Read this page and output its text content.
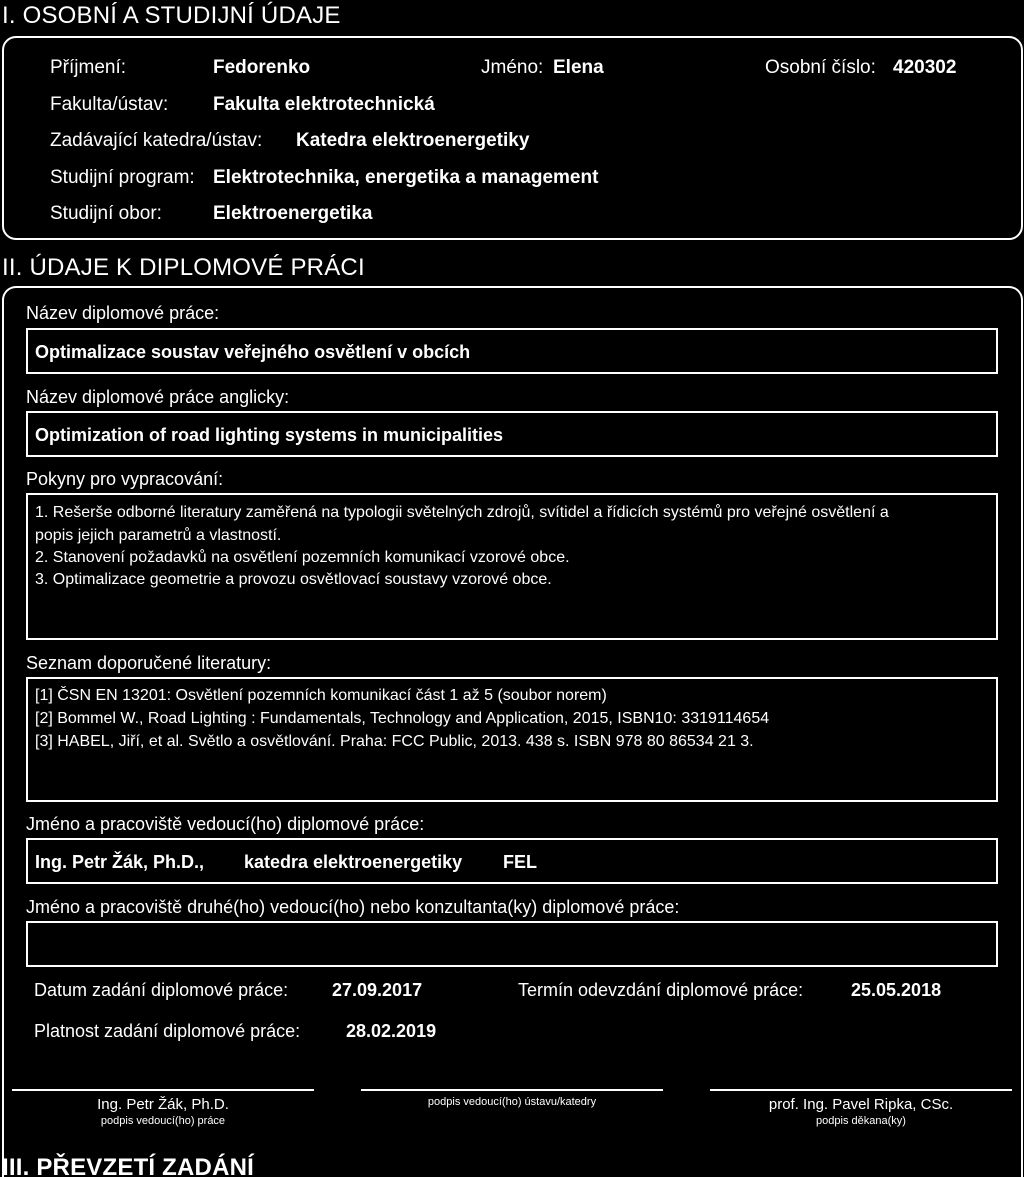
I. OSOBNÍ A STUDIJNÍ ÚDAJE
Příjmení:	Fedorenko	Jméno: Elena	Osobní číslo: 420302
Fakulta/ústav: Fakulta elektrotechnická
Zadávající katedra/ústav: Katedra elektroenergetiky
Studijní program: Elektrotechnika, energetika a management
Studijní obor:	Elektroenergetika
II. ÚDAJE K DIPLOMOVÉ PRÁCI
Název diplomové práce:
Optimalizace soustav veřejného osvětlení v obcích
Název diplomové práce anglicky:
Optimization of road lighting systems in municipalities
Pokyny pro vypracování:
1. Rešerše odborné literatury zaměřená na typologii světelných zdrojů, svítidel a řídicích systémů pro veřejné osvětlení a
popis jejich parametrů a vlastností.
2. Stanovení požadavků na osvětlení pozemních komunikací vzorové obce.
3. Optimalizace geometrie a provozu osvětlovací soustavy vzorové obce.
Seznam doporučené literatury:
[1] ČSN EN 13201: Osvětlení pozemních komunikací část 1 až 5 (soubor norem)
[2] Bommel W., Road Lighting : Fundamentals, Technology and Application, 2015, ISBN10: 3319114654
[3] HABEL, Jiří, et al. Světlo a osvětlování. Praha: FCC Public, 2013. 438 s. ISBN 978 80 86534 21 3.
Jméno a pracoviště vedoucí(ho) diplomové práce:
Ing. Petr Žák, Ph.D., katedra elektroenergetiky FEL
Jméno a pracoviště druhé(ho) vedoucí(ho) nebo konzultanta(ky) diplomové práce:
Datum zadání diplomové práce: 27.09.2017	Termín odevzdání diplomové práce:	25.05.2018
Platnost zadání diplomové práce:	28.02.2019
Ing. Petr Žák, Ph.D.
podpis vedoucí(ho) práce
podpis vedoucí(ho) ústavu/katedry	prof. Ing. Pavel Ripka, CSc.
podpis děkana(ky)
III. PŘEVZETÍ ZADÁNÍ
